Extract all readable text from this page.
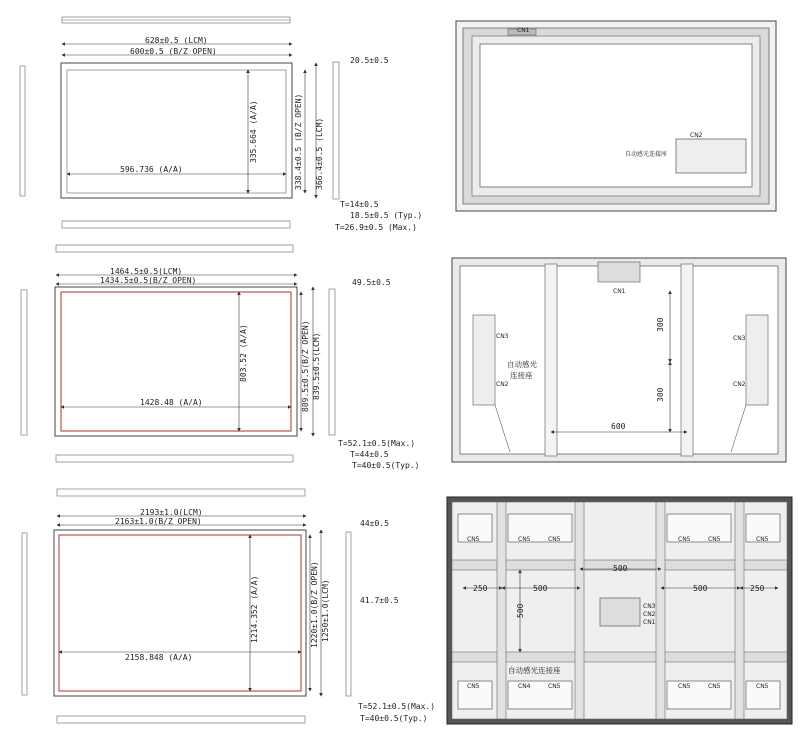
628±0.5 (LCM)
600±0.5 (B/Z OPEN)
596.736 (A/A)
335.664 (A/A)	338.4±0.5 (B/Z OPEN) 366.4±0.5 (LCM)
20.5±0.5
T=14±0.5
18.5±0.5 (Typ.)
T=26.9±0.5 (Max.)
1464.5±0.5(LCM)
1434.5±0.5(B/Z OPEN)
1428.48 (A/A)
803.52 (A/A)	809.5±0.5(B/Z OPEN) 839.5±0.5(LCM)
49.5±0.5
T=52.1±0.5(Max.)
T=44±0.5
T=40±0.5(Typ.)
2193±1.0(LCM)
2163±1.0(B/Z OPEN)
2158.848 (A/A)
1214.352 (A/A)	1220±1.0(B/Z OPEN) 1250±1.0(LCM)
44±0.5
41.7±0.5
T=52.1±0.5(Max.)
T=40±0.5(Typ.)
CN1
CN2
自动感光连接座
CN1
CN3
CN2
CN3
CN2
自动感光
连接座
300
300
600
CN5	CN5	CN5	CN5	CN5	CN5
CN5	CN4	CN5	CN5	CN5	CN5
CN3
CN2
CN1
250	500
500
500	250
500
自动感光连接座
